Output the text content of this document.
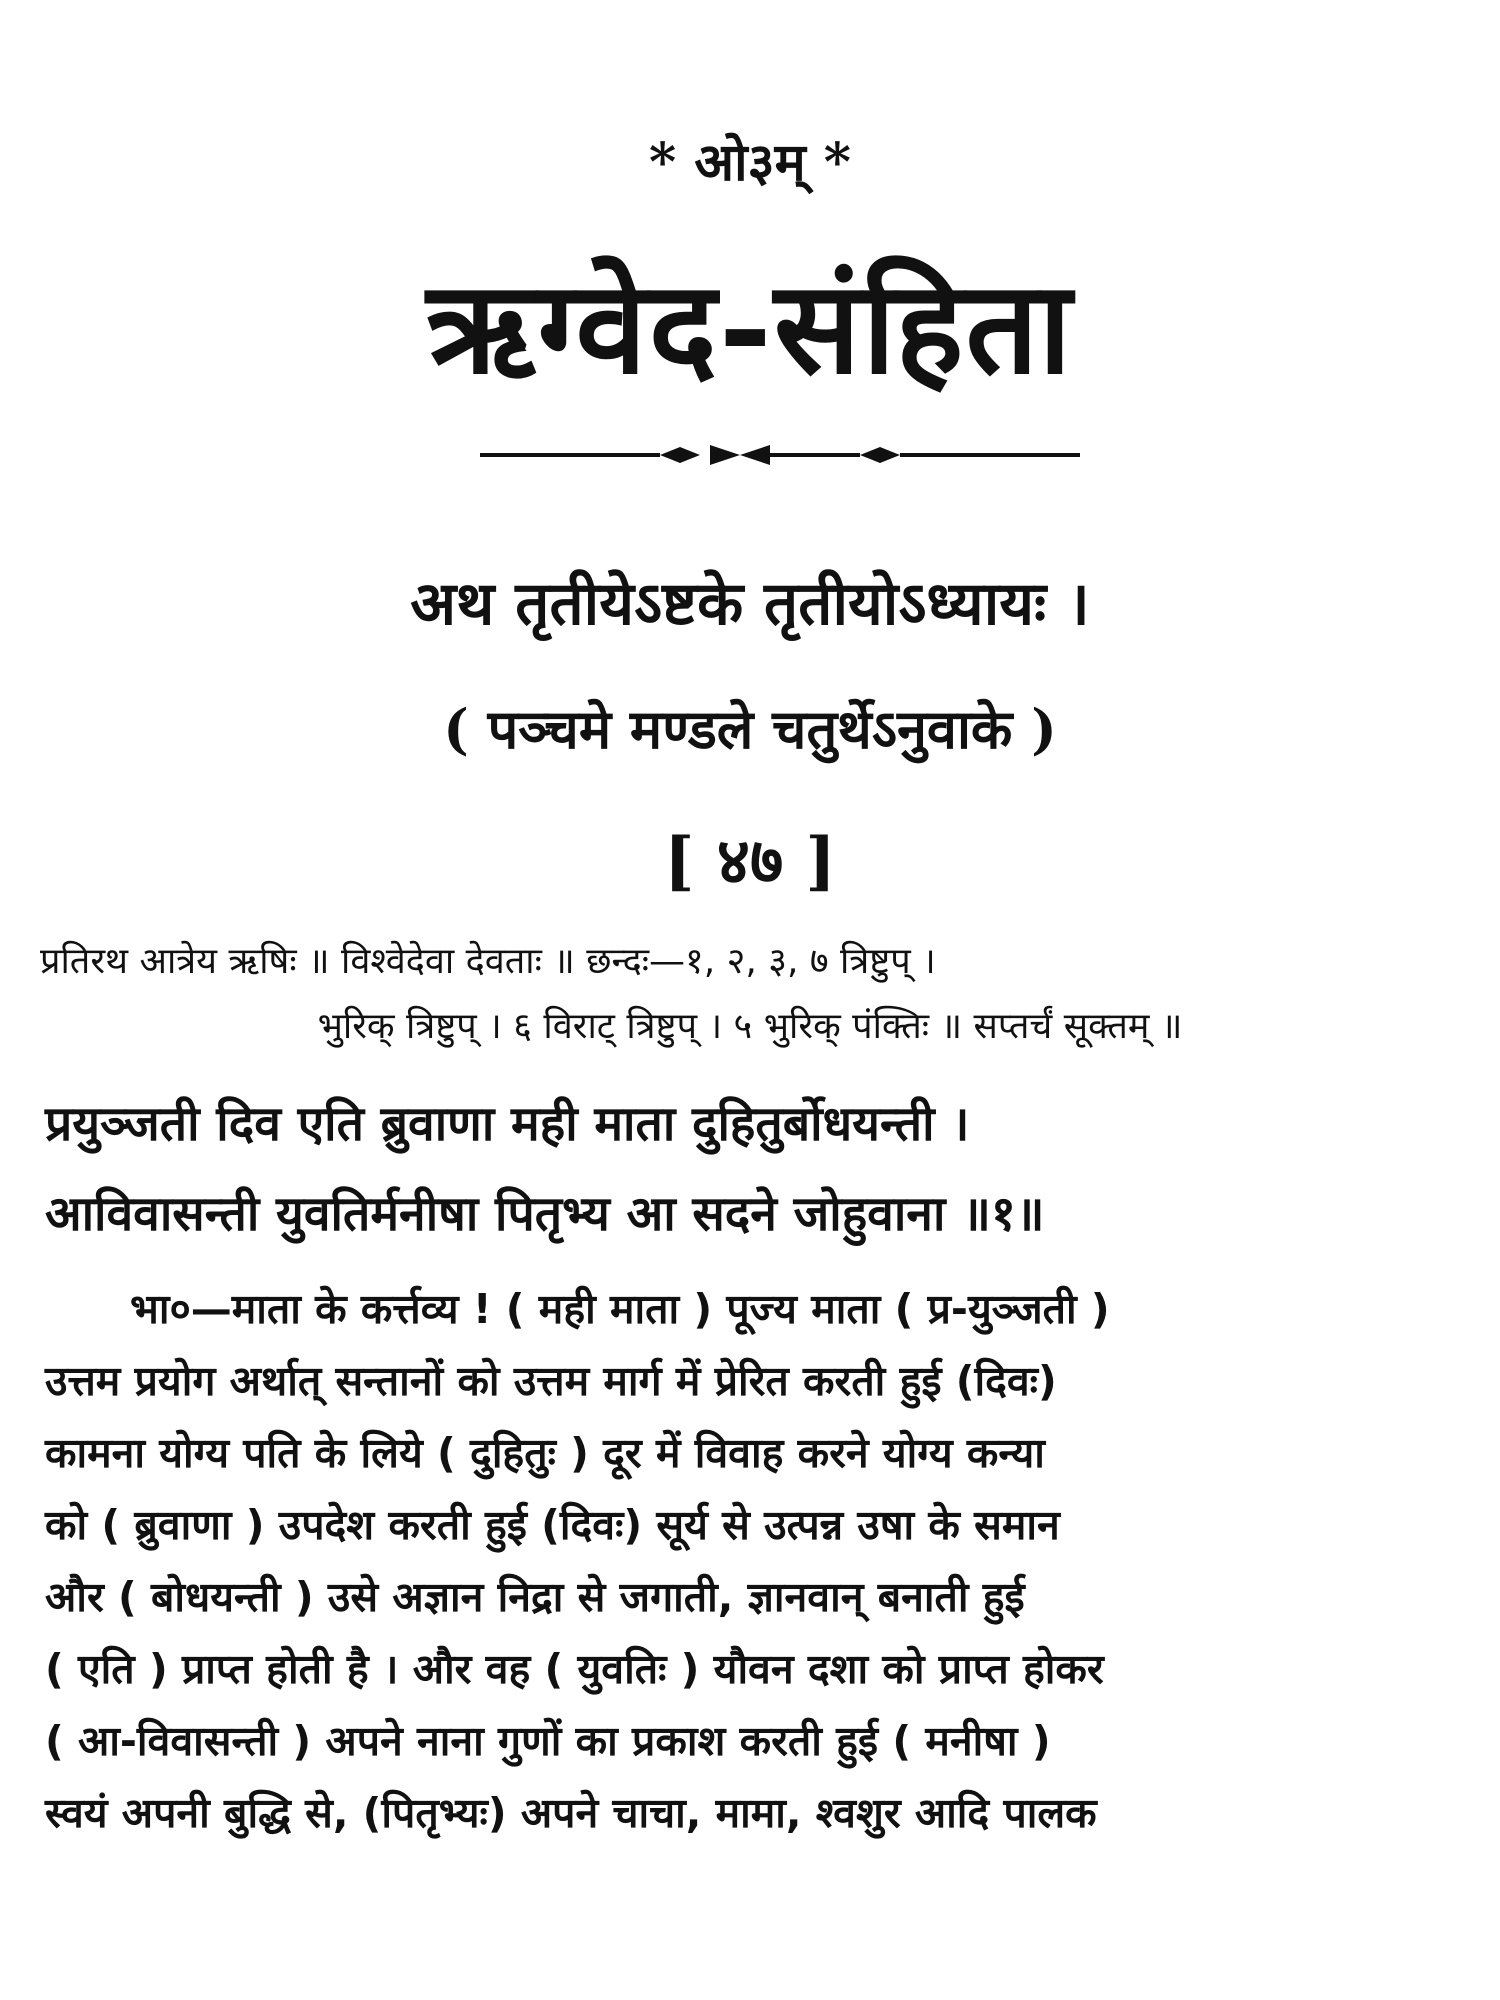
* ओ३म् *
ऋग्वेद-संहिता
अथ तृतीयेऽष्टके तृतीयोऽध्यायः ।
( पञ्चमे मण्डले चतुर्थेऽनुवाके )
[ ४७ ]
प्रतिरथ आत्रेय ऋषिः ॥ विश्वेदेवा देवताः ॥ छन्दः—१, २, ३, ७ त्रिष्टुप् ।
भुरिक् त्रिष्टुप् । ६ विराट् त्रिष्टुप् । ५ भुरिक् पंक्तिः ॥ सप्तर्चं सूक्तम् ॥
प्रयुञ्जती दिव एति ब्रुवाणा मही माता दुहितुर्बोधयन्ती ।
आविवासन्ती युवतिर्मनीषा पितृभ्य आ सदने जोहुवाना ॥१॥
भा०—माता के कर्त्तव्य ! ( मही माता ) पूज्य माता ( प्र-युञ्जती )
उत्तम प्रयोग अर्थात् सन्तानों को उत्तम मार्ग में प्रेरित करती हुई (दिवः)
कामना योग्य पति के लिये ( दुहितुः ) दूर में विवाह करने योग्य कन्या
को ( ब्रुवाणा ) उपदेश करती हुई (दिवः) सूर्य से उत्पन्न उषा के समान
और ( बोधयन्ती ) उसे अज्ञान निद्रा से जगाती, ज्ञानवान् बनाती हुई
( एति ) प्राप्त होती है । और वह ( युवतिः ) यौवन दशा को प्राप्त होकर
( आ-विवासन्ती ) अपने नाना गुणों का प्रकाश करती हुई ( मनीषा )
स्वयं अपनी बुद्धि से, (पितृभ्यः) अपने चाचा, मामा, श्वशुर आदि पालक
